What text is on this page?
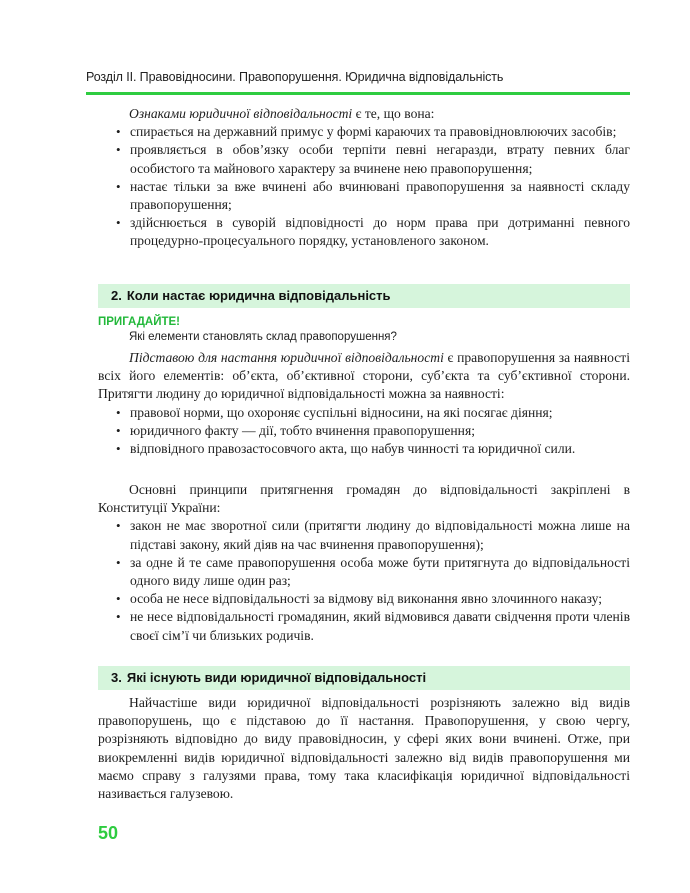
Розділ ІІ. Правовідносини. Правопорушення. Юридична відповідальність

Ознаками юридичної відповідальності є те, що вона:

• спирається на державний примус у формі караючих та правовідновлюючих засобів;
• проявляється в обов’язку особи терпіти певні негаразди, втрату певних благ особистого та майнового характеру за вчинене нею правопорушення;
• настає тільки за вже вчинені або вчинювані правопорушення за наявності складу правопорушення;
• здійснюється в суворій відповідності до норм права при дотриманні певного процедурно-процесуального порядку, установленого законом.
2. Коли настає юридична відповідальність
ПРИГАДАЙТЕ!
Які елементи становлять склад правопорушення?

Підставою для настання юридичної відповідальності є правопорушення за наявності всіх його елементів: об’єкта, об’єктивної сторони, суб’єкта та суб’єктивної сторони. Притягти людину до юридичної відповідальності можна за наявності:

• правової норми, що охороняє суспільні відносини, на які посягає діяння;
• юридичного факту — дії, тобто вчинення правопорушення;
• відповідного правозастосовчого акта, що набув чинності та юридичної сили.

Основні принципи притягнення громадян до відповідальності закріплені в Конституції України:

• закон не має зворотної сили (притягти людину до відповідальності можна лише на підставі закону, який діяв на час вчинення правопорушення);
• за одне й те саме правопорушення особа може бути притягнута до відповідальності одного виду лише один раз;
• особа не несе відповідальності за відмову від виконання явно злочинного наказу;
• не несе відповідальності громадянин, який відмовився давати свідчення проти членів своєї сім’ї чи близьких родичів.
3. Які існують види юридичної відповідальності

Найчастіше види юридичної відповідальності розрізняють залежно від видів правопорушень, що є підставою до її настання. Правопорушення, у свою чергу, розрізняють відповідно до виду правовідносин, у сфері яких вони вчинені. Отже, при виокремленні видів юридичної відповідальності залежно від видів правопорушення ми маємо справу з галузями права, тому така класифікація юридичної відповідальності називається галузевою.

50
